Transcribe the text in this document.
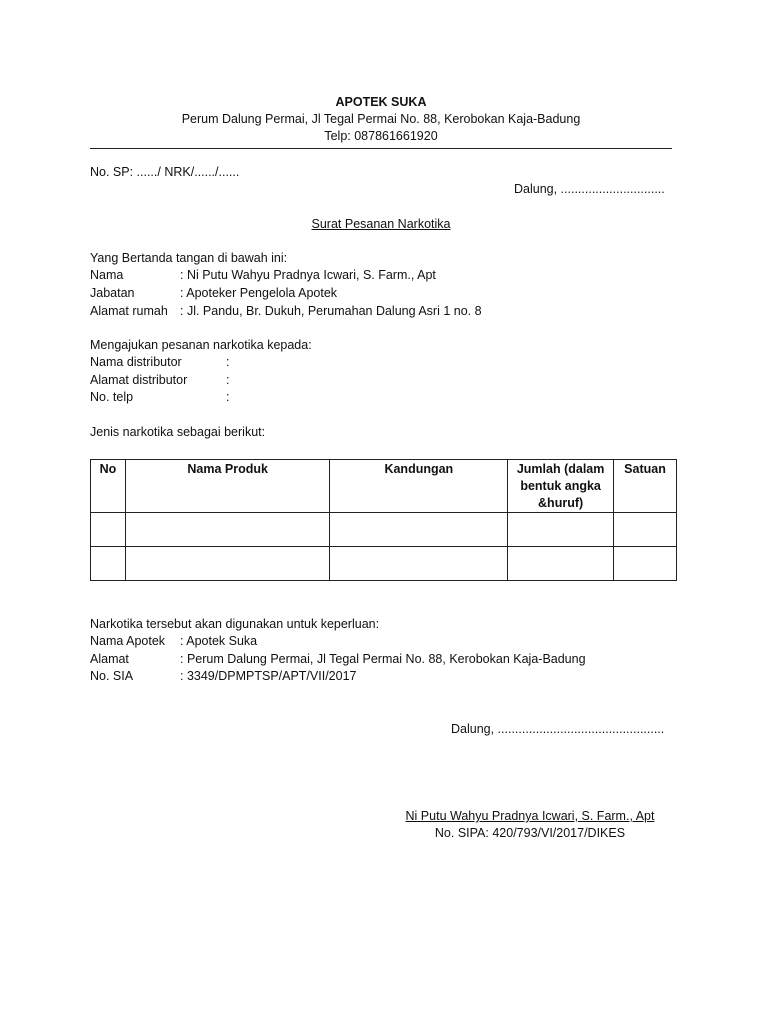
APOTEK SUKA
Perum Dalung Permai, Jl Tegal Permai No. 88, Kerobokan Kaja-Badung
Telp: 087861661920
No. SP: ....../ NRK/....../......
Dalung, ..............................
Surat Pesanan Narkotika
Yang Bertanda tangan di bawah ini:
Nama	: Ni Putu Wahyu Pradnya Icwari, S. Farm., Apt
Jabatan	: Apoteker Pengelola Apotek
Alamat rumah : Jl. Pandu, Br. Dukuh, Perumahan Dalung Asri 1 no. 8
Mengajukan pesanan narkotika kepada:
Nama distributor	:
Alamat distributor	:
No. telp	:
Jenis narkotika sebagai berikut:
No	Nama Produk	Kandungan	Jumlah (dalam bentuk angka &huruf)	Satuan

Narkotika tersebut akan digunakan untuk keperluan:
Nama Apotek : Apotek Suka
Alamat	: Perum Dalung Permai, Jl Tegal Permai No. 88, Kerobokan Kaja-Badung
No. SIA	: 3349/DPMPTSP/APT/VII/2017
Dalung, ................................................
Ni Putu Wahyu Pradnya Icwari, S. Farm., Apt
No. SIPA: 420/793/VI/2017/DIKES
